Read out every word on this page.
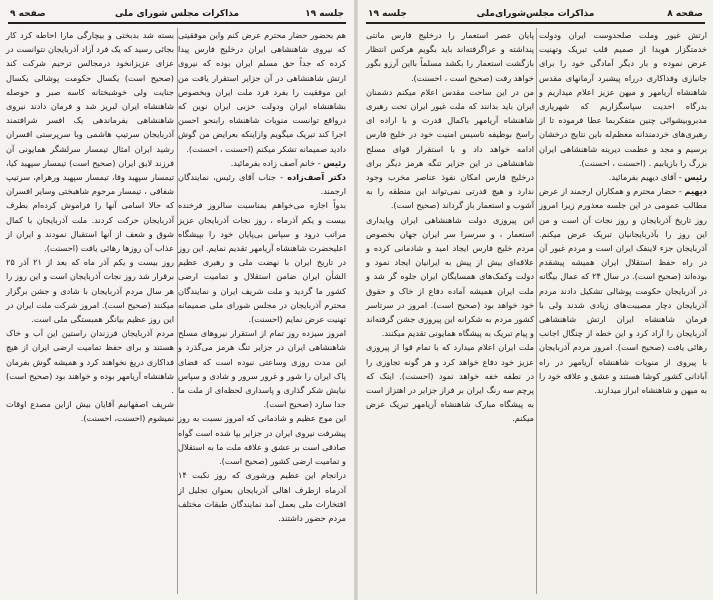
جلسه ۱۹
مذاکرات مجلس شورای ملی
صفحه ۹

هم بحضور حضار محترم عرض کنم واین موفقیتی که نیروی شاهنشاهی ایران درخلیج فارس پیدا کرده که جداً حق مسلم ایران بوده که نیروی ارتش شاهنشاهی در آن جزایر استقرار یافت من این موفقیت را بفرد فرد ملت ایران وبخصوص بشاهنشاه ایران ودولت حزبی ایران نوین که درواقع توانست منویات شاهنشاه رابنحو احسن اجرا کند تبریک میگویم وازاینکه بعرایض من گوش دادید صمیمانه تشکر میکنم (احسنت ، احسنت).

رئیس - خانم آصف زاده بفرمائید.

دکتر آصف‌زاده - جناب آقای رئیس، نمایندگان ارجمند.

بدواً اجازه می‌خواهم بمناسبت سالروز فرخنده بیست و یکم آذرماه ، روز نجات آذربایجان عزیز مراتب درود و سپاس بی‌پایان خود را بپیشگاه اعلیحضرت شاهنشاه آریامهر تقدیم نمایم. این روز در تاریخ ایران با نهضت ملی و رهبری عظیم الشأن ایران ضامن استقلال و تمامیت ارضی کشور ما گردید و ملت شریف ایران و نمایندگان محترم آذربایجان در مجلس شورای ملی صمیمانه تهنیت عرض نمایم (احسنت).

امروز سیزده روز تمام از استقرار نیروهای مسلح شاهنشاهی ایران در جزایر تنگ هرمز می‌گذرد و این مدت روزی وساعتی نبوده است که فضای پاک ایران را شور و غرور سرور و شادی و سپاس نیایش شکر گذاری و پاسداری لحظه‌ای از ملت ما جدا سازد (صحیح است).

این موج عظیم و شادمانی که امروز نسبت به روز پیشرفت نیروی ایران در جزایر بپا شده است گواه صادقی است بر عشق و علاقه ملت ما به استقلال و تمامیت ارضی کشور (صحیح است).

درانجام این عظیم ورشوری که روز نکبت ۱۴ آذرماه ازطرف اهالی آذربایجان بعنوان تجلیل از افتخارات ملی بعمل آمد نمایندگان طبقات مختلف مردم حضور داشتند.

بسته شد بدبختی و بیچارگی مارا احاطه کرد کار بجائی رسید که یک فرد آزاد آذربایجان نتوانست در عزای عزیزانخود درمجالس ترحیم شرکت کند (صحیح است) یکسال حکومت پوشالی یکسال جنایت ولی خوشبختانه کاسه صبر و حوصله شاهنشاه ایران لبریز شد و فرمان دادند نیروی شاهنشاهی بفرماندهی یک افسر شرافتمند آذربایجان سرتیپ هاشمی وبا سرپرستی افسران رشید ایران امثال تیمسار سرلشگر همایونی آن فرزند لایق ایران (صحیح است) تیمسار سپهبد کیا، تیمسار سپهبد وفا، تیمسار سپهبد ورهرام، سرتیپ شفاقی ، تیمسار مرحوم شاهبختی وسایر افسران که حالا اسامی آنها را فراموش کرده‌ام بطرف آذربایجان حرکت کردند. ملت آذربایجان با کمال شوق و شعف از آنها استقبال نمودند و ایران از عذاب آن روزها رهائی یافت (احسنت).

روز بیست و یکم آذر ماه که بعد از ۲۱ آذر ۲۵ برقرار شد روز نجات آذربایجان است و این روز را هر سال مردم آذربایجان با شادی و جشن برگزار میکنند (صحیح است). امروز شرکت ملت ایران در این روز عظیم بیانگر همبستگی ملی است.

مردم آذربایجان فرزندان راستین این آب و خاک هستند و برای حفظ تمامیت ارضی ایران از هیچ فداکاری دریغ نخواهند کرد و همیشه گوش بفرمان شاهنشاه آریامهر بوده و خواهند بود (صحیح است) .

شریف اصفهانیم آقایان بیش ازاین مصدع اوقات نمیشوم (احسنت، احسنت).

صفحه ۸
مذاکرات مجلس‌شورای‌ملی
جلسه ۱۹

ارتش غیور وملت صلحدوست ایران ودولت خدمتگزار هویدا از صمیم قلب تبریک وتهنیت عرض نموده و بار دیگر آمادگی خود را برای جانبازی وفداکاری درراه پیشبرد آرمانهای مقدس شاهنشاه آریامهر و میهن عزیز اعلام میداریم و بدرگاه احدیت سپاسگزاریم که شهریاری مدبروبیشوائی چنین متفکربما عطا فرموده تا از رهبری‌های خردمندانه معظم‌له باین نتایج درخشان برسیم و مجد و عظمت دیرینه شاهنشاهی ایران بزرگ را بازیابیم . (احسنت ، احسنت).

رئیس - آقای دیهیم بفرمائید.

دیهیم - حضار محترم و همکاران ارجمند از عرض مطالب عمومی در این جلسه معذورم زیرا امروز روز تاریخ آذربایجان و روز نجات آن است و من این روز را بآذربایجانیان تبریک عرض میکنم. آذربایجان جزء لاینفک ایران است و مردم غیور آن در راه حفظ استقلال ایران همیشه پیشقدم بوده‌اند (صحیح است). در سال ۲۴ که عمال بیگانه در آذربایجان حکومت پوشالی تشکیل دادند مردم آذربایجان دچار مصیبت‌های زیادی شدند ولی با فرمان شاهنشاه ایران ارتش شاهنشاهی آذربایجان را آزاد کرد و این خطه از چنگال اجانب رهائی یافت (صحیح است). امروز مردم آذربایجان با پیروی از منویات شاهنشاه آریامهر در راه آبادانی کشور کوشا هستند و عشق و علاقه خود را به میهن و شاهنشاه ابراز میدارند.

پایان عصر استعمار را درخلیج فارس مانتی پنداشته و عراگرفته‌اند باید بگویم هرکس انتظار بازگشت استعمار را بکشد مسلماً بااین آرزو بگور خواهد رفت (صحیح است ، احسنت).

من در این ساحت مقدس اعلام میکنم دشمنان ایران باید بدانند که ملت غیور ایران تحت رهبری شاهنشاه آریامهر باکمال قدرت و با اراده ای راسخ بوظیفه تاسیس امنیت خود در خلیج فارس ادامه خواهد داد و با استقرار قوای مسلح شاهنشاهی در این جزایر تنگه هرمز دیگر برای درخلیج فارس امکان نفوذ عناصر مخرب وجود ندارد و هیچ قدرتی نمی‌تواند این منطقه را به آشوب و استعمار باز گرداند (صحیح است).

این پیروزی دولت شاهنشاهی ایران وپایداری استعمار ، و سرسرا سر ایران جهان بخصوص مردم خلیج فارس ایجاد امید و شادمانی کرده و علاقه‌ای بیش از پیش به ایرانیان ایجاد نمود و دولت وکمک‌های همسایگان ایران جلوه گر شد و ملت ایران همیشه آماده دفاع از خاک و حقوق خود خواهد بود (صحیح است). امروز در سرتاسر کشور مردم به شکرانه این پیروزی جشن گرفته‌اند و پیام تبریک به پیشگاه همایونی تقدیم میکنند.

ملت ایران اعلام میدارد که با تمام قوا از پیروزی عزیز خود دفاع خواهد کرد و هر گونه تجاوزی را در نطفه خفه خواهد نمود (احسنت). اینک که پرچم سه رنگ ایران بر فراز جزایر در اهتزاز است به پیشگاه مبارک شاهنشاه آریامهر تبریک عرض میکنم.
